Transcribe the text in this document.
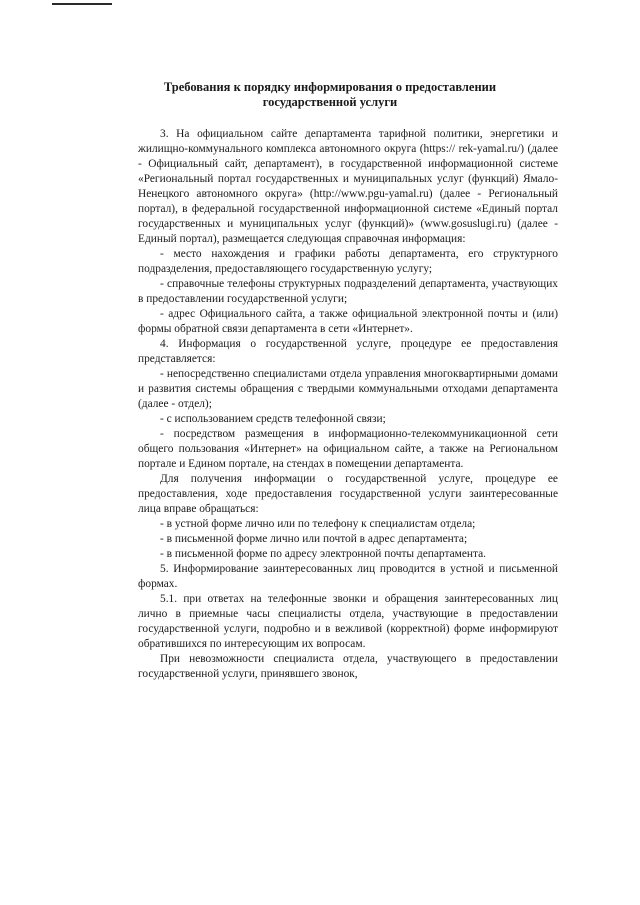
Требования к порядку информирования о предоставлении
государственной услуги

3. На официальном сайте департамента тарифной политики, энергетики и жилищно-коммунального комплекса автономного округа (https:// rek-yamal.ru/) (далее - Официальный сайт, департамент), в государственной информационной системе «Региональный портал государственных и муниципальных услуг (функций) Ямало-Ненецкого автономного округа» (http://www.pgu-yamal.ru) (далее - Региональный портал), в федеральной государственной информационной системе «Единый портал государственных и муниципальных услуг (функций)» (www.gosuslugi.ru) (далее - Единый портал), размещается следующая справочная информация:

- место нахождения и графики работы департамента, его структурного подразделения, предоставляющего государственную услугу;

- справочные телефоны структурных подразделений департамента, участвующих в предоставлении государственной услуги;

- адрес Официального сайта, а также официальной электронной почты и (или) формы обратной связи департамента в сети «Интернет».

4. Информация о государственной услуге, процедуре ее предоставления представляется:

- непосредственно специалистами отдела управления многоквартирными домами и развития системы обращения с твердыми коммунальными отходами департамента (далее - отдел);

- с использованием средств телефонной связи;

- посредством размещения в информационно-телекоммуникационной сети общего пользования «Интернет» на официальном сайте, а также на Региональном портале и Едином портале, на стендах в помещении департамента.

Для получения информации о государственной услуге, процедуре ее предоставления, ходе предоставления государственной услуги заинтересованные лица вправе обращаться:

- в устной форме лично или по телефону к специалистам отдела;

- в письменной форме лично или почтой в адрес департамента;

- в письменной форме по адресу электронной почты департамента.

5. Информирование заинтересованных лиц проводится в устной и письменной формах.

5.1. при ответах на телефонные звонки и обращения заинтересованных лиц лично в приемные часы специалисты отдела, участвующие в предоставлении государственной услуги, подробно и в вежливой (корректной) форме информируют обратившихся по интересующим их вопросам.

При невозможности специалиста отдела, участвующего в предоставлении государственной услуги, принявшего звонок,
